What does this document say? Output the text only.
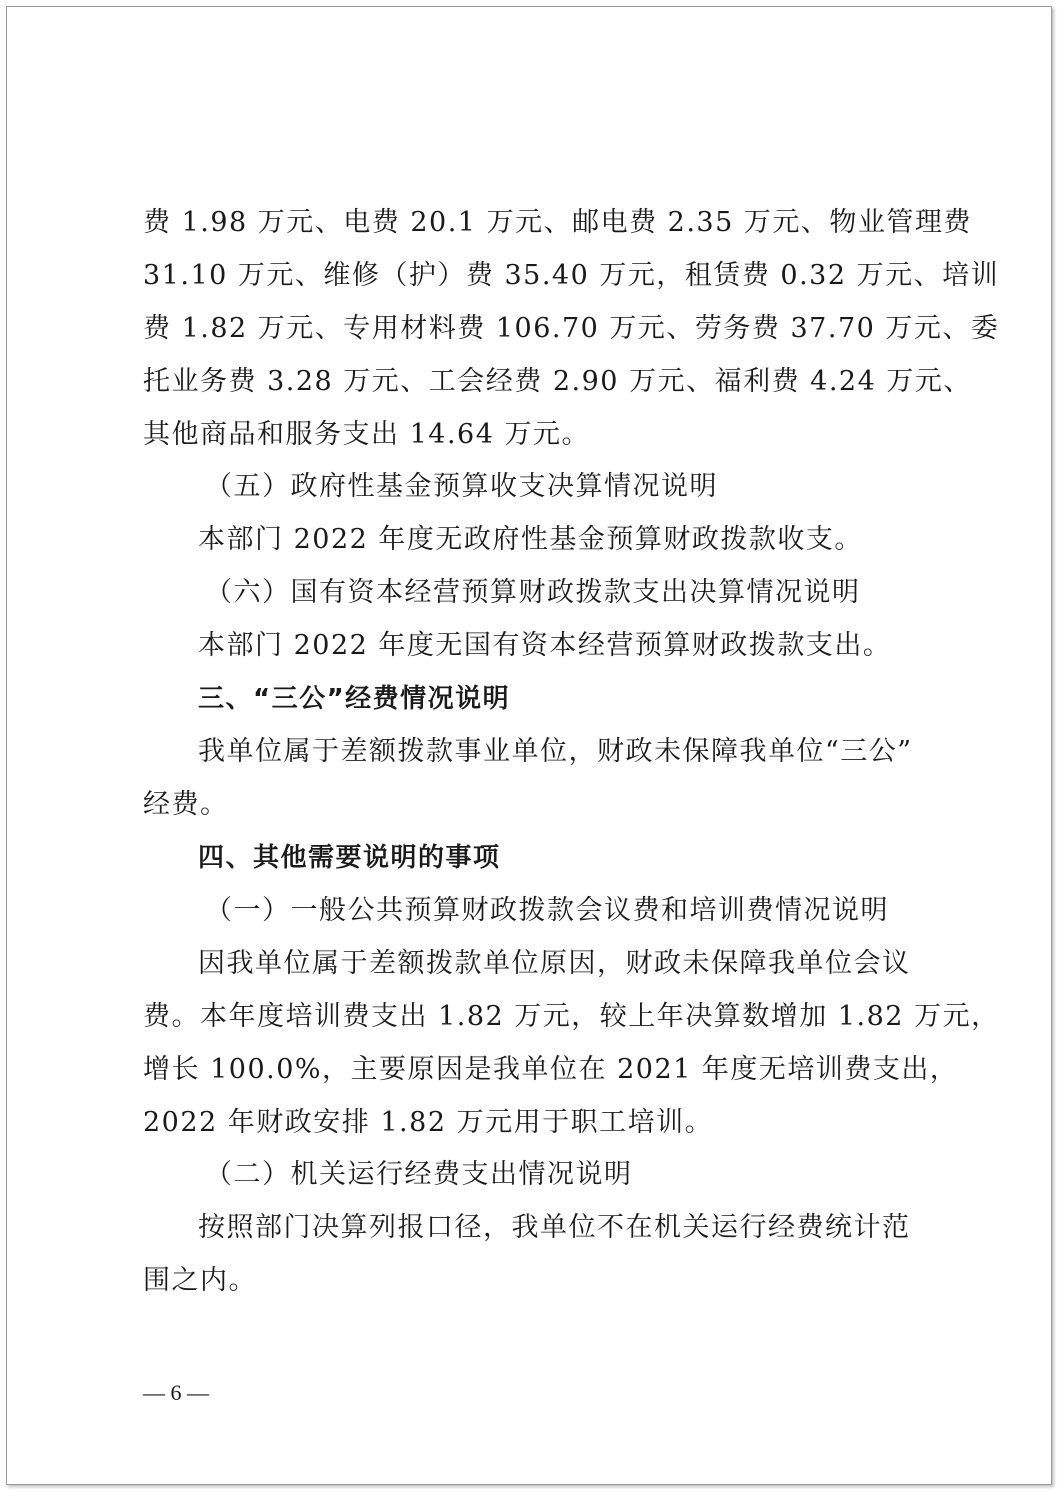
费 1.98 万元、电费 20.1 万元、邮电费 2.35 万元、物业管理费
31.10 万元、维修（护）费 35.40 万元，租赁费 0.32 万元、培训
费 1.82 万元、专用材料费 106.70 万元、劳务费 37.70 万元、委
托业务费 3.28 万元、工会经费 2.90 万元、福利费 4.24 万元、
其他商品和服务支出 14.64 万元。
（五）政府性基金预算收支决算情况说明
本部门 2022 年度无政府性基金预算财政拨款收支。
（六）国有资本经营预算财政拨款支出决算情况说明
本部门 2022 年度无国有资本经营预算财政拨款支出。
三、“三公”经费情况说明
我单位属于差额拨款事业单位，财政未保障我单位“三公”
经费。
四、其他需要说明的事项
（一）一般公共预算财政拨款会议费和培训费情况说明
因我单位属于差额拨款单位原因，财政未保障我单位会议
费。本年度培训费支出 1.82 万元，较上年决算数增加 1.82 万元，
增长 100.0%，主要原因是我单位在 2021 年度无培训费支出，
2022 年财政安排 1.82 万元用于职工培训。
（二）机关运行经费支出情况说明
按照部门决算列报口径，我单位不在机关运行经费统计范
围之内。
— 6 —
